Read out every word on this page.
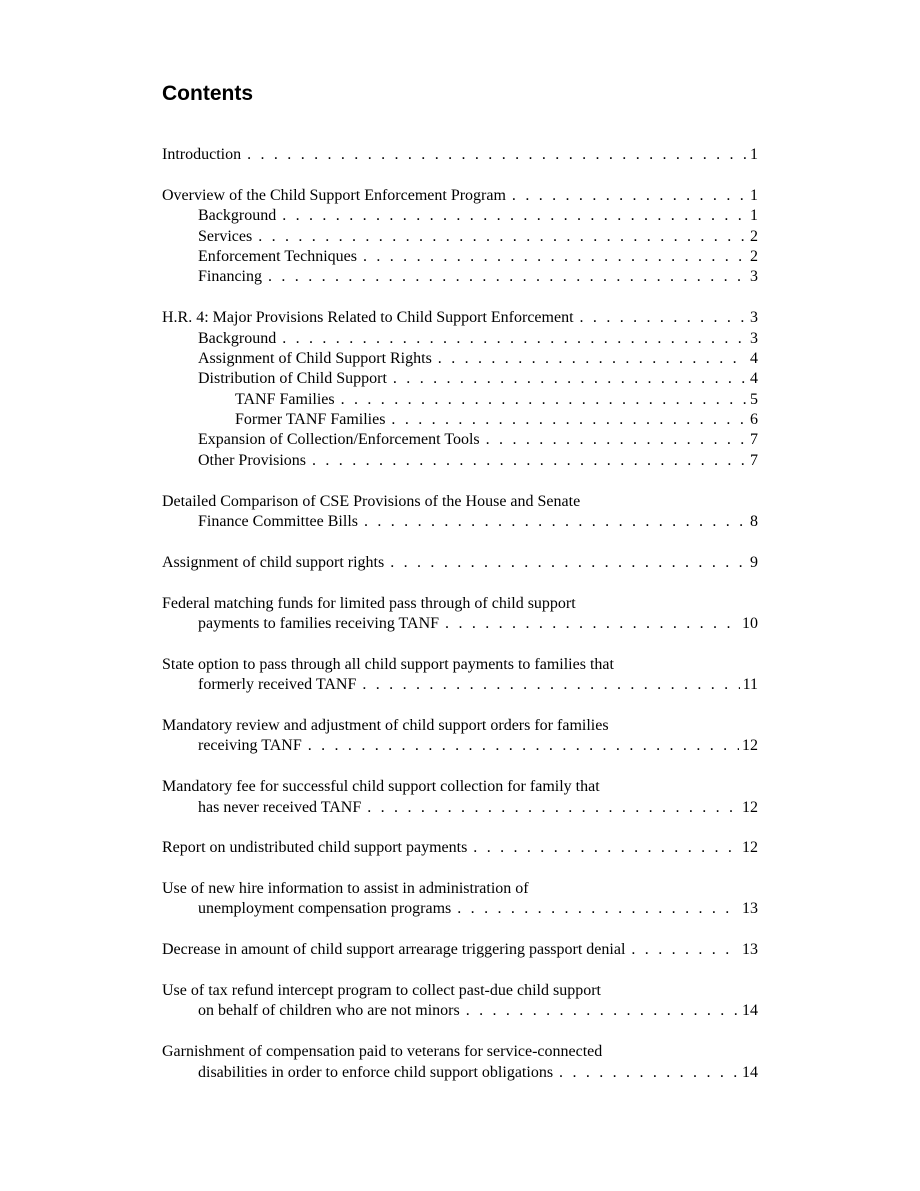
Contents
Introduction . . .	1
Overview of the Child Support Enforcement Program . . .	1
Background . . .	1
Services . . .	2
Enforcement Techniques . . .	2
Financing . . .	3
H.R. 4: Major Provisions Related to Child Support Enforcement . . .	3
Background . . .	3
Assignment of Child Support Rights . . .	4
Distribution of Child Support . . .	4
TANF Families . . .	5
Former TANF Families . . .	6
Expansion of Collection/Enforcement Tools . . .	7
Other Provisions . . .	7
Detailed Comparison of CSE Provisions of the House and Senate
Finance Committee Bills . . .	8
Assignment of child support rights . . .	9
Federal matching funds for limited pass through of child support
payments to families receiving TANF . . .	10
State option to pass through all child support payments to families that
formerly received TANF . . .	11
Mandatory review and adjustment of child support orders for families
receiving TANF . . .	12
Mandatory fee for successful child support collection for family that
has never received TANF . . .	12
Report on undistributed child support payments . . .	12
Use of new hire information to assist in administration of
unemployment compensation programs . . .	13
Decrease in amount of child support arrearage triggering passport denial . . .	13
Use of tax refund intercept program to collect past-due child support
on behalf of children who are not minors . . .	14
Garnishment of compensation paid to veterans for service-connected
disabilities in order to enforce child support obligations . . .	14
